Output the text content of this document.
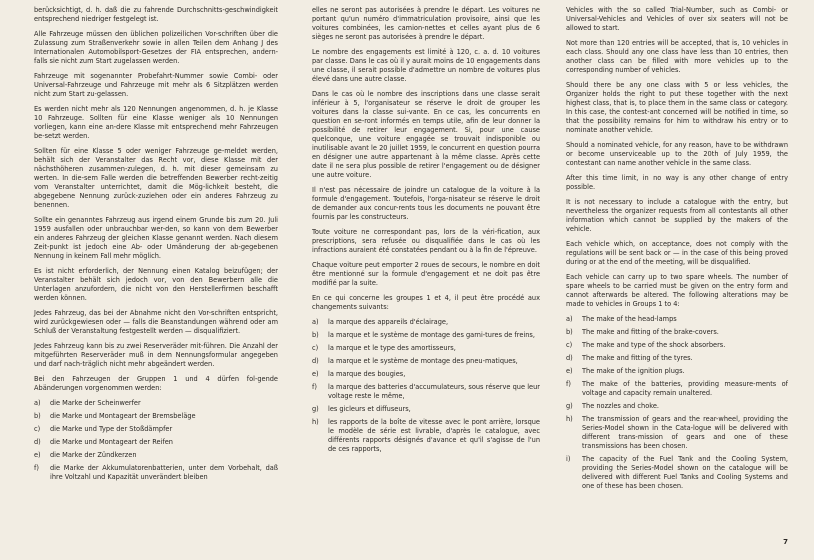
berücksichtigt, d. h. daß die zu fahrende Durchschnitts-geschwindigkeit entsprechend niedriger festgelegt ist.

Alle Fahrzeuge müssen den üblichen polizeilichen Vor-schriften über die Zulassung zum Straßenverkehr sowie in allen Teilen dem Anhang J des Internationalen Automobilsport-Gesetzes der FIA entsprechen, andern-falls sie nicht zum Start zugelassen werden.

Fahrzeuge mit sogenannter Probefahrt-Nummer sowie Combi- oder Universal-Fahrzeuge und Fahrzeuge mit mehr als 6 Sitzplätzen werden nicht zum Start zu-gelassen.

Es werden nicht mehr als 120 Nennungen angenommen, d. h. je Klasse 10 Fahrzeuge. Sollten für eine Klasse weniger als 10 Nennungen vorliegen, kann eine an-dere Klasse mit entsprechend mehr Fahrzeugen be-setzt werden.

Sollten für eine Klasse 5 oder weniger Fahrzeuge ge-meldet werden, behält sich der Veranstalter das Recht vor, diese Klasse mit der nächsthöheren zusammen-zulegen, d. h. mit dieser gemeinsam zu werten. In die-sem Falle werden die betreffenden Bewerber recht-zeitig vom Veranstalter unterrichtet, damit die Mög-lichkeit besteht, die abgegebene Nennung zurück-zuziehen oder ein anderes Fahrzeug zu benennen.

Sollte ein genanntes Fahrzeug aus irgend einem Grunde bis zum 20. Juli 1959 ausfallen oder unbrauchbar wer-den, so kann von dem Bewerber ein anderes Fahrzeug der gleichen Klasse genannt werden. Nach diesem Zeit-punkt ist jedoch eine Ab- oder Umänderung der ab-gegebenen Nennung in keinem Fall mehr möglich.

Es ist nicht erforderlich, der Nennung einen Katalog beizufügen; der Veranstalter behält sich jedoch vor, von den Bewerbern alle die Unterlagen anzufordern, die nicht von den Herstellerfirmen beschafft werden können.

Jedes Fahrzeug, das bei der Abnahme nicht den Vor-schriften entspricht, wird zurückgewiesen oder — falls die Beanstandungen während oder am Schluß der Veranstaltung festgestellt werden — disqualifiziert.

Jedes Fahrzeug kann bis zu zwei Reserveräder mit-führen. Die Anzahl der mitgeführten Reserveräder muß in dem Nennungsformular angegeben und darf nach-träglich nicht mehr abgeändert werden.

Bei den Fahrzeugen der Gruppen 1 und 4 dürfen fol-gende Abänderungen vorgenommen werden:

a)	die Marke der Scheinwerfer
b)	die Marke und Montageart der Bremsbeläge
c)	die Marke und Type der Stoßdämpfer
d)	die Marke und Montageart der Reifen
e)	die Marke der Zündkerzen
f)	die Marke der Akkumulatorenbatterien, unter dem Vorbehalt, daß ihre Voltzahl und Kapazität unverändert bleiben

elles ne seront pas autorisées à prendre le départ. Les voitures ne portant qu'un numéro d'immatriculation provisoire, ainsi que les voitures combinées, les camion-nettes et celles ayant plus de 6 sièges ne seront pas autorisées à prendre le départ.

Le nombre des engagements est limité à 120, c. a. d. 10 voitures par classe. Dans le cas où il y aurait moins de 10 engagements dans une classe, il serait possible d'admettre un nombre de voitures plus élevé dans une autre classe.

Dans le cas où le nombre des inscriptions dans une classe serait inférieur à 5, l'organisateur se réserve le droit de grouper les voitures dans la classe sui-vante. En ce cas, les concurrents en question en se-ront informés en temps utile, afin de leur donner la possibilité de retirer leur engagement. Si, pour une cause quelconque, une voiture engagée se trouvait indisponible ou inutilisable avant le 20 juillet 1959, le concurrent en question pourra en désigner une autre appartenant à la même classe. Après cette date il ne sera plus possible de retirer l'engagement ou de désigner une autre voiture.

Il n'est pas nécessaire de joindre un catalogue de la voiture à la formule d'engagement. Toutefois, l'orga-nisateur se réserve le droit de demander aux concur-rents tous les documents ne pouvant être fournis par les constructeurs.

Toute voiture ne correspondant pas, lors de la véri-fication, aux prescriptions, sera refusée ou disqualifiée dans le cas où les infractions auraient été constatées pendant ou à la fin de l'épreuve.

Chaque voiture peut emporter 2 roues de secours, le nombre en doit être mentionné sur la formule d'engagement et ne doit pas être modifié par la suite.

En ce qui concerne les groupes 1 et 4, il peut être procédé aux changements suivants:

a)	la marque des appareils d'éclairage,
b)	la marque et le système de montage des garni-tures de freins,
c)	la marque et le type des amortisseurs,
d)	la marque et le système de montage des pneu-matiques,
e)	la marque des bougies,
f)	la marque des batteries d'accumulateurs, sous réserve que leur voltage reste le même,
g)	les gicleurs et diffuseurs,
h)	les rapports de la boîte de vitesse avec le pont arrière, lorsque le modèle de série est livrable, d'après le catalogue, avec différents rapports désignés d'avance et qu'il s'agisse de l'un de ces rapports,

Vehicles with the so called Trial-Number, such as Combi- or Universal-Vehicles and Vehicles of over six seaters will not be allowed to start.

Not more than 120 entries will be accepted, that is, 10 vehicles in each class. Should any one class have less than 10 entries, then another class can be filled with more vehicles up to the corresponding number of vehicles.

Should there be any one class with 5 or less vehicles, the Organizer holds the right to put these together with the next highest class, that is, to place them in the same class or category. In this case, the contest-ant concerned will be notified in time, so that the possibility remains for him to withdraw his entry or to nominate another vehicle.

Should a nominated vehicle, for any reason, have to be withdrawn or become unserviceable up to the 20th of July 1959, the contestant can name another vehicle in the same class.

After this time limit, in no way is any other change of entry possible.

It is not necessary to include a catalogue with the entry, but nevertheless the organizer requests from all contestants all other information which cannot be supplied by the makers of the vehicle.

Each vehicle which, on acceptance, does not comply with the regulations will be sent back or — in the case of this being proved during or at the end of the meeting, will be disqualified.

Each vehicle can carry up to two spare wheels. The number of spare wheels to be carried must be given on the entry form and cannot afterwards be altered. The following alterations may be made to vehicles in Groups 1 to 4:

a)	The make of the head-lamps
b)	The make and fitting of the brake-covers.
c)	The make and type of the shock absorbers.
d)	The make and fitting of the tyres.
e)	The make of the ignition plugs.
f)	The make of the batteries, providing measure-ments of voltage and capacity remain unaltered.
g)	The nozzles and choke.
h)	The transmission of gears and the rear-wheel, providing the Series-Model shown in the Cata-logue will be delivered with different trans-mission of gears and one of these transmissions has been chosen.
i)	The capacity of the Fuel Tank and the Cooling System, providing the Series-Model shown on the catalogue will be delivered with different Fuel Tanks and Cooling Systems and one of these has been chosen.
7
